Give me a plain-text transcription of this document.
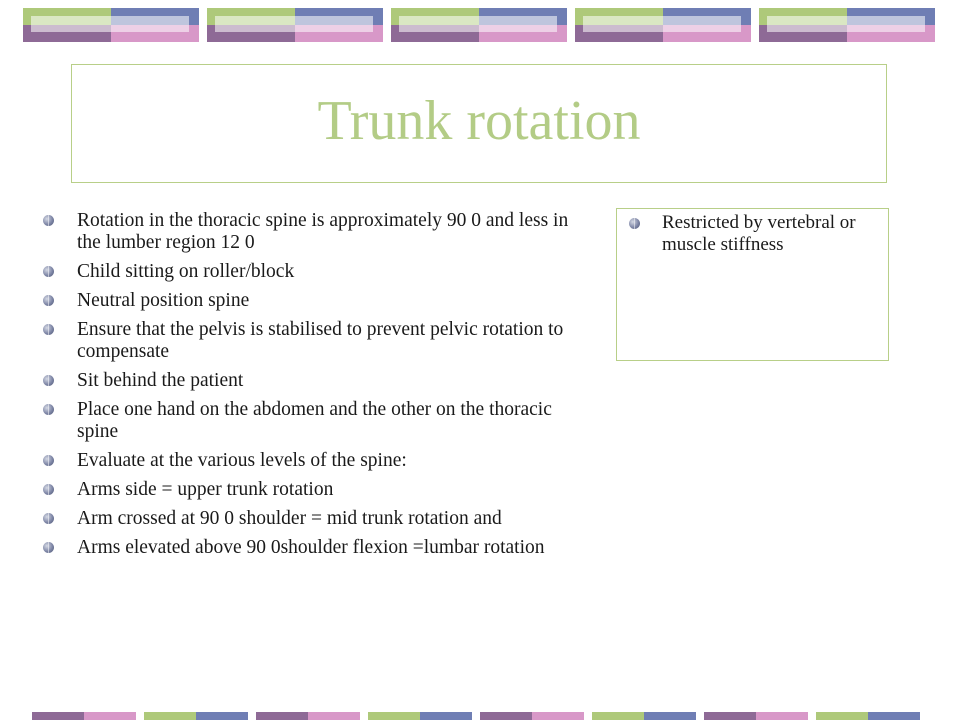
Trunk rotation
Rotation in the thoracic spine is approximately 90 0 and less in the lumber region 12 0
Child sitting on roller/block
Neutral position spine
Ensure that the pelvis is stabilised to prevent pelvic rotation to compensate
Sit behind the patient
Place one hand on the abdomen and the other on the thoracic spine
Evaluate at the various levels of the spine:
Arms side = upper trunk rotation
Arm crossed at 90 0 shoulder = mid trunk rotation and
Arms elevated above 90 0shoulder flexion =lumbar rotation
Restricted by vertebral or muscle stiffness
